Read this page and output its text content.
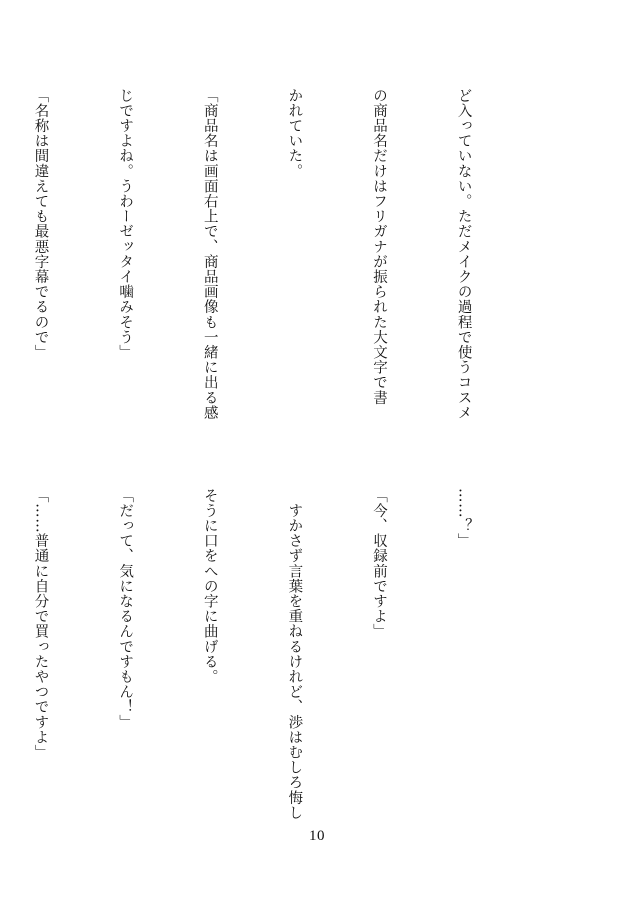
ど入っていない。ただメイクの過程で使うコスメ

の商品名だけはフリガナが振られた大文字で書

かれていた。

「商品名は画面右上で、商品画像も一緒に出る感

じですよね。うわーゼッタイ噛みそう」

「名称は間違えても最悪字幕でるので」

……？」

「今、収録前ですよ」

　すかさず言葉を重ねるけれど、渉はむしろ悔し

そうに口をへの字に曲げる。

「だって、気になるんですもん！」

「……普通に自分で買ったやつですよ」

10
